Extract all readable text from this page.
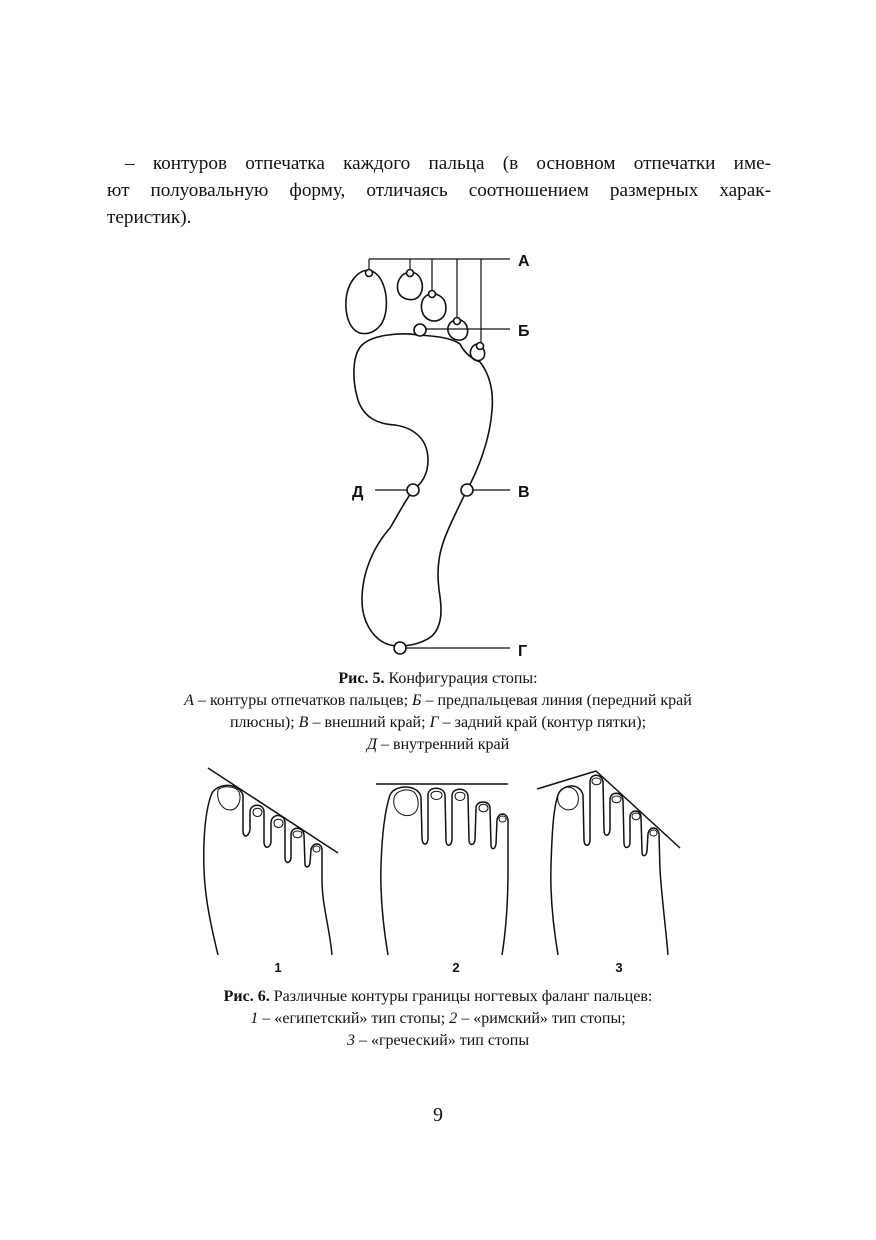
– контуров отпечатка каждого пальца (в основном отпечатки име-
ют полуовальную форму, отличаясь соотношением размерных харак-
теристик).

А
Б
В
Г
Д
Рис. 5. Конфигурация стопы:
А – контуры отпечатков пальцев; Б – предпальцевая линия (передний край
плюсны); В – внешний край; Г – задний край (контур пятки);
Д – внутренний край
1	2	3
Рис. 6. Различные контуры границы ногтевых фаланг пальцев:
1 – «египетский» тип стопы; 2 – «римский» тип стопы;
3 – «греческий» тип стопы
9
